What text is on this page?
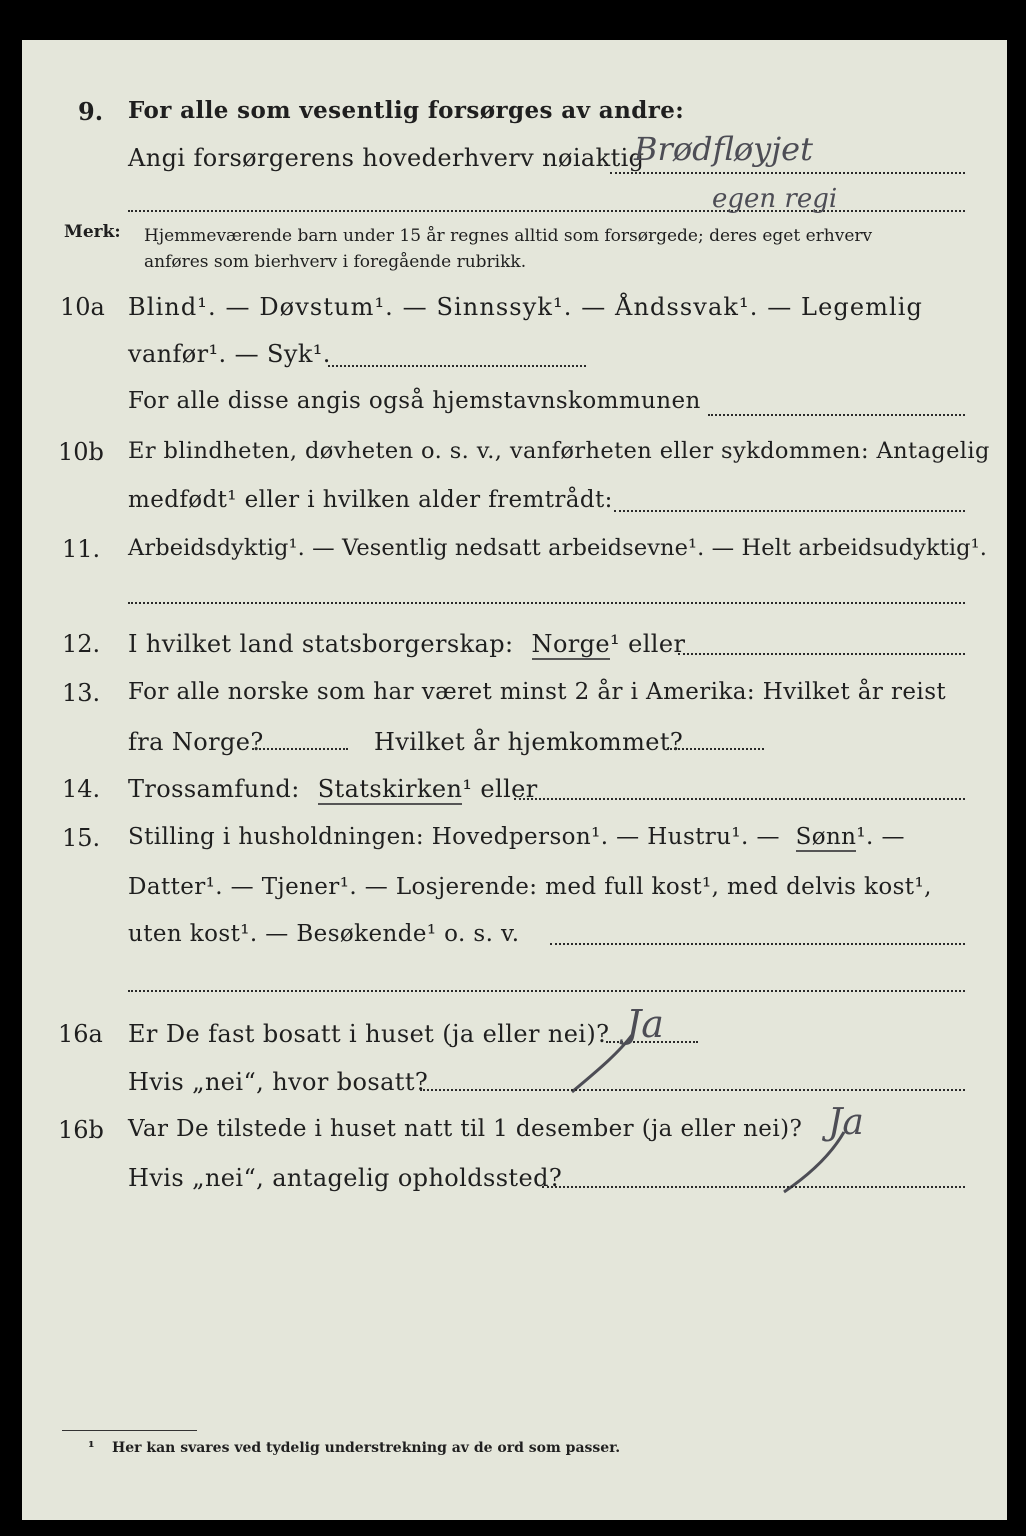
9. For alle som vesentlig forsørges av andre:
Angi forsørgerens hovederhverv nøiaktig
Brødfløyjet
egen regi
Merk: Hjemmeværende barn under 15 år regnes alltid som forsørgede; deres eget erhverv
anføres som bierhverv i foregående rubrikk.
10a Blind¹. — Døvstum¹. — Sinnssyk¹. — Åndssvak¹. — Legemlig
vanfør¹. — Syk¹.
For alle disse angis også hjemstavnskommunen
10b Er blindheten, døvheten o. s. v., vanførheten eller sykdommen: Antagelig
medfødt¹ eller i hvilken alder fremtrådt:
11. Arbeidsdyktig¹. — Vesentlig nedsatt arbeidsevne¹. — Helt arbeidsudyktig¹.
12. I hvilket land statsborgerskap: Norge¹ eller
13. For alle norske som har været minst 2 år i Amerika: Hvilket år reist
fra Norge?	Hvilket år hjemkommet?
14. Trossamfund: Statskirken¹ eller
15. Stilling i husholdningen: Hovedperson¹. — Hustru¹. — Sønn¹. —
Datter¹. — Tjener¹. — Losjerende: med full kost¹, med delvis kost¹,
uten kost¹. — Besøkende¹ o. s. v.
16a Er De fast bosatt i huset (ja eller nei)? Ja
Hvis „nei“, hvor bosatt?
16b Var De tilstede i huset natt til 1 desember (ja eller nei)? Ja
Hvis „nei“, antagelig opholdssted?
¹ Her kan svares ved tydelig understrekning av de ord som passer.
